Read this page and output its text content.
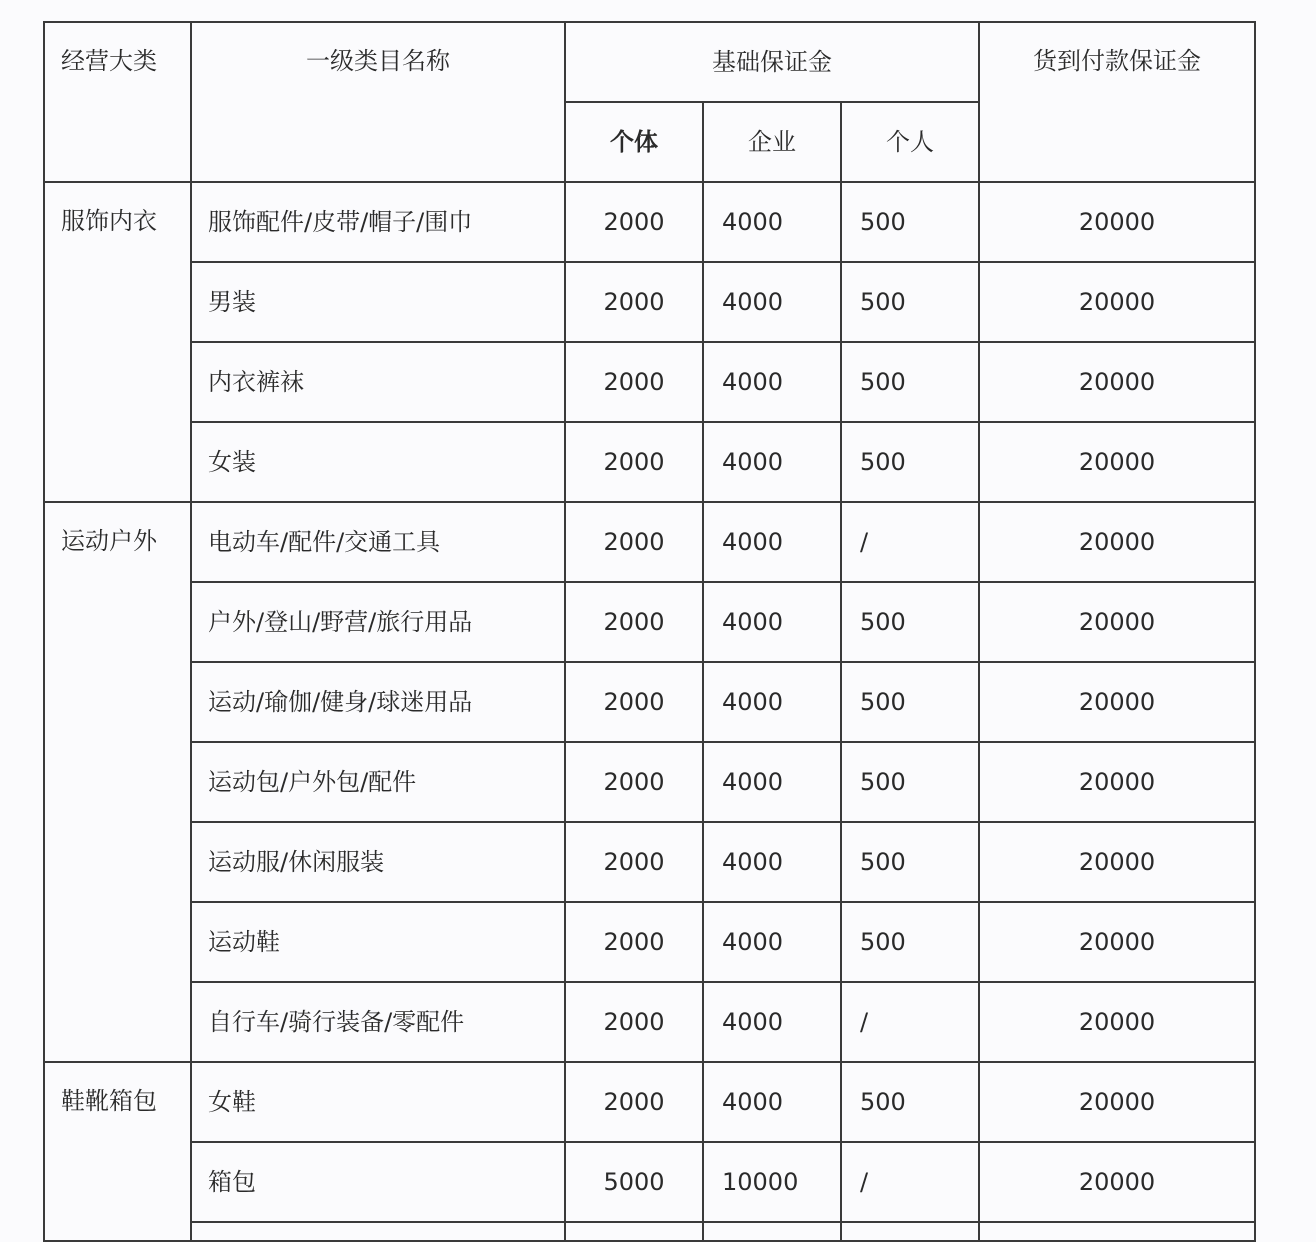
经营大类	一级类目名称	基础保证金			货到付款保证金
		个体	企业	个人	
服饰内衣	服饰配件/皮带/帽子/围巾	2000	4000	500	20000
	男装	2000	4000	500	20000
	内衣裤袜	2000	4000	500	20000
	女装	2000	4000	500	20000
运动户外	电动车/配件/交通工具	2000	4000	/	20000
	户外/登山/野营/旅行用品	2000	4000	500	20000
	运动/瑜伽/健身/球迷用品	2000	4000	500	20000
	运动包/户外包/配件	2000	4000	500	20000
	运动服/休闲服装	2000	4000	500	20000
	运动鞋	2000	4000	500	20000
	自行车/骑行装备/零配件	2000	4000	/	20000
鞋靴箱包	女鞋	2000	4000	500	20000
	箱包	5000	10000	/	20000
